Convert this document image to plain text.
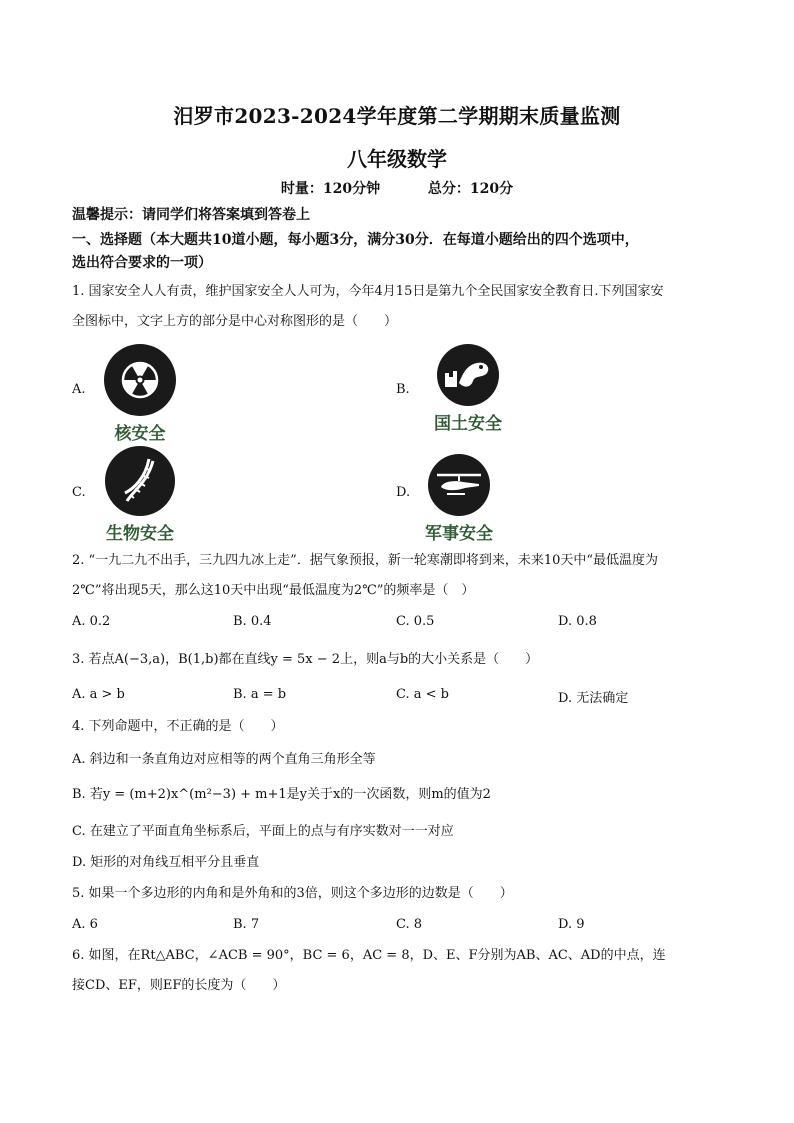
汨罗市2023-2024学年度第二学期期末质量监测
八年级数学
时量：120分钟	总分：120分
温馨提示：请同学们将答案填到答卷上
一、选择题（本大题共10道小题，每小题3分，满分30分．在每道小题给出的四个选项中，
选出符合要求的一项）
1. 国家安全人人有责，维护国家安全人人可为，今年4月15日是第九个全民国家安全教育日.下列国家安
全图标中，文字上方的部分是中心对称图形的是（　　）
A.
核安全
B.
国土安全
C.
生物安全
D.
军事安全
2. “一九二九不出手，三九四九冰上走”．据气象预报，新一轮寒潮即将到来，未来10天中“最低温度为
2℃”将出现5天，那么这10天中出现“最低温度为2℃”的频率是（　）
A. 0.2	B. 0.4	C. 0.5	D. 0.8
3. 若点A(−3,a)，B(1,b)都在直线y = 5x − 2上，则a与b的大小关系是（　　）
A. a > b	B. a = b	C. a < b	D. 无法确定
4. 下列命题中，不正确的是（　　）
A. 斜边和一条直角边对应相等的两个直角三角形全等
B. 若y = (m+2)x^(m²−3) + m+1是y关于x的一次函数，则m的值为2
C. 在建立了平面直角坐标系后，平面上的点与有序实数对一一对应
D. 矩形的对角线互相平分且垂直
5. 如果一个多边形的内角和是外角和的3倍，则这个多边形的边数是（　　）
A. 6	B. 7	C. 8	D. 9
6. 如图，在Rt△ABC，∠ACB = 90°，BC = 6，AC = 8，D、E、F分别为AB、AC、AD的中点，连
接CD、EF，则EF的长度为（　　）
